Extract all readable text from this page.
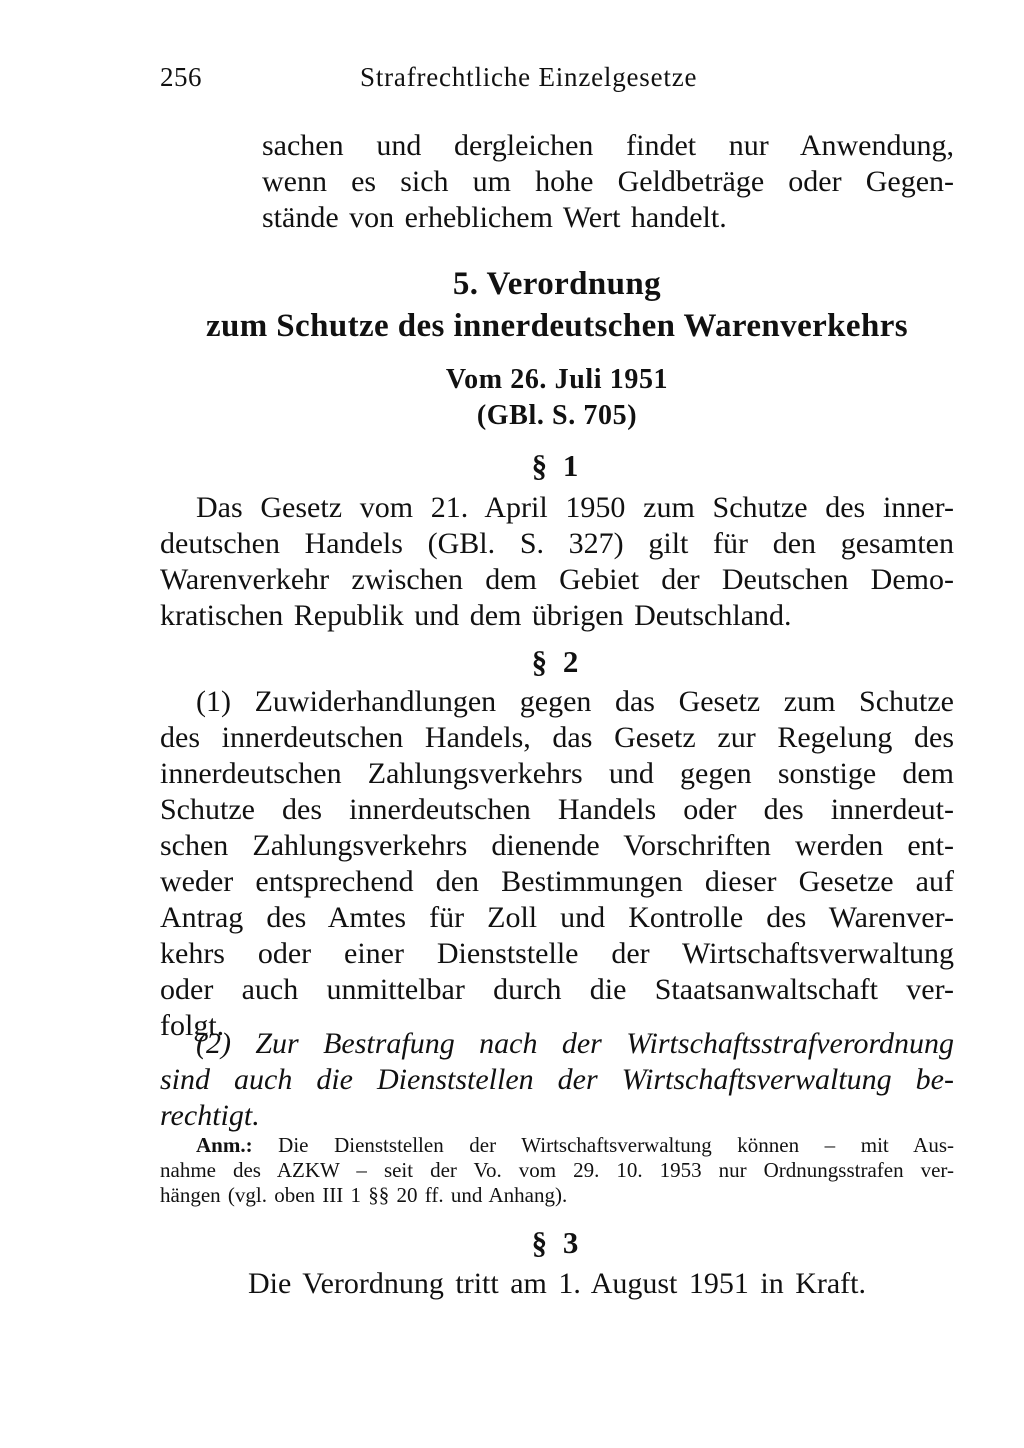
256	Strafrechtliche Einzelgesetze
sachen und dergleichen findet nur Anwendung,
wenn es sich um hohe Geldbeträge oder Gegen-
stände von erheblichem Wert handelt.
5. Verordnung
zum Schutze des innerdeutschen Warenverkehrs
Vom 26. Juli 1951
(GBl. S. 705)
§ 1
Das Gesetz vom 21. April 1950 zum Schutze des inner-
deutschen Handels (GBl. S. 327) gilt für den gesamten
Warenverkehr zwischen dem Gebiet der Deutschen Demo-
kratischen Republik und dem übrigen Deutschland.
§ 2
(1) Zuwiderhandlungen gegen das Gesetz zum Schutze
des innerdeutschen Handels, das Gesetz zur Regelung des
innerdeutschen Zahlungsverkehrs und gegen sonstige dem
Schutze des innerdeutschen Handels oder des innerdeut-
schen Zahlungsverkehrs dienende Vorschriften werden ent-
weder entsprechend den Bestimmungen dieser Gesetze auf
Antrag des Amtes für Zoll und Kontrolle des Warenver-
kehrs oder einer Dienststelle der Wirtschaftsverwaltung
oder auch unmittelbar durch die Staatsanwaltschaft ver-
folgt.
(2) Zur Bestrafung nach der Wirtschaftsstrafverordnung
sind auch die Dienststellen der Wirtschaftsverwaltung be-
rechtigt.
Anm.: Die Dienststellen der Wirtschaftsverwaltung können – mit Aus-
nahme des AZKW – seit der Vo. vom 29. 10. 1953 nur Ordnungsstrafen ver-
hängen (vgl. oben III 1 §§ 20 ff. und Anhang).
§ 3
Die Verordnung tritt am 1. August 1951 in Kraft.
